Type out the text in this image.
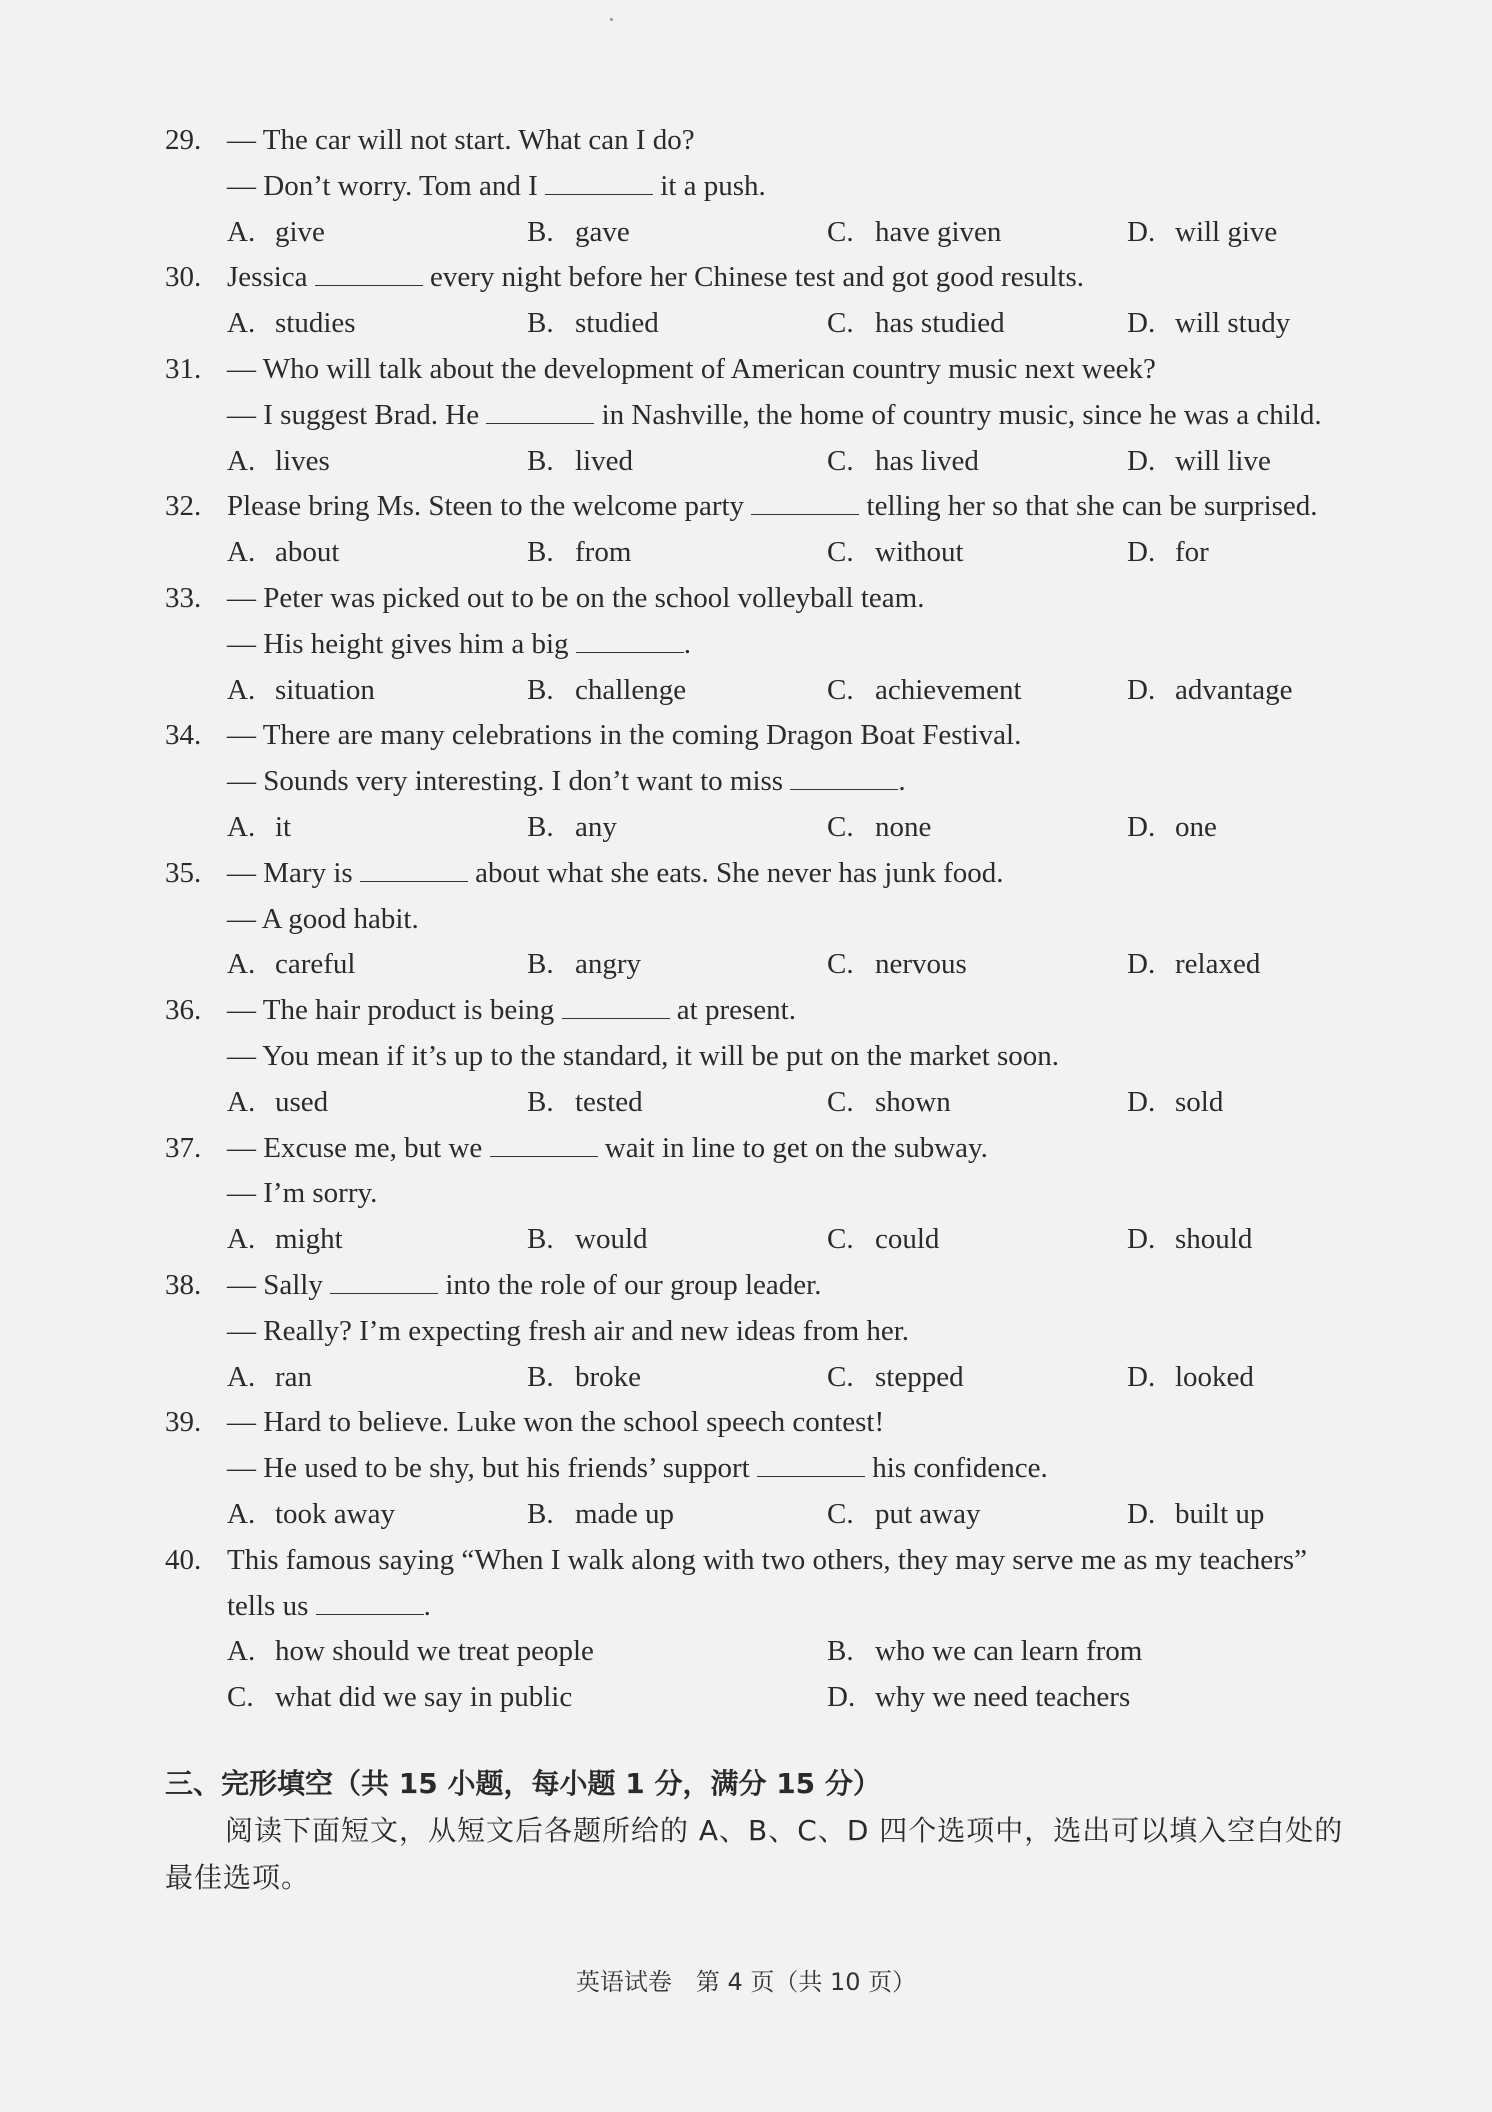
29. — The car will not start. What can I do?
— Don’t worry. Tom and I	it a push.
A. give	B. gave	C. have given	D. will give
30. Jessica	every night before her Chinese test and got good results.
A. studies	B. studied	C. has studied	D. will study
31. — Who will talk about the development of American country music next week?
— I suggest Brad. He	in Nashville, the home of country music, since he was a child.
A. lives	B. lived	C. has lived	D. will live
32. Please bring Ms. Steen to the welcome party	telling her so that she can be surprised.
A. about	B. from	C. without	D. for
33. — Peter was picked out to be on the school volleyball team.
— His height gives him a big	.
A. situation	B. challenge	C. achievement	D. advantage
34. — There are many celebrations in the coming Dragon Boat Festival.
— Sounds very interesting. I don’t want to miss	.
A. it	B. any	C. none	D. one
35. — Mary is	about what she eats. She never has junk food.
— A good habit.
A. careful	B. angry	C. nervous	D. relaxed
36. — The hair product is being	at present.
— You mean if it’s up to the standard, it will be put on the market soon.
A. used	B. tested	C. shown	D. sold
37. — Excuse me, but we	wait in line to get on the subway.
— I’m sorry.
A. might	B. would	C. could	D. should
38. — Sally	into the role of our group leader.
— Really? I’m expecting fresh air and new ideas from her.
A. ran	B. broke	C. stepped	D. looked
39. — Hard to believe. Luke won the school speech contest!
— He used to be shy, but his friends’ support	his confidence.
A. took away	B. made up	C. put away	D. built up
40. This famous saying “When I walk along with two others, they may serve me as my teachers”
tells us	.
A. how should we treat people	B. who we can learn from
C. what did we say in public	D. why we need teachers
三、完形填空（共 15 小题，每小题 1 分，满分 15 分）
阅读下面短文，从短文后各题所给的 A、B、C、D 四个选项中，选出可以填入空白处的最佳选项。
英语试卷　第 4 页（共 10 页）
